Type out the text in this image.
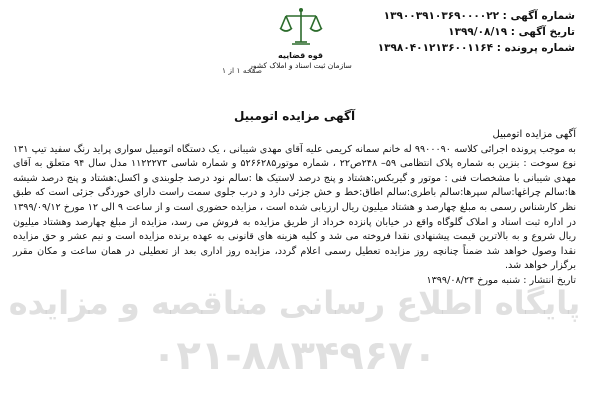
شماره آگهی : ۱۳۹۰۰۳۹۱۰۳۶۹۰۰۰۰۲۲
تاریخ آگهی : ۱۳۹۹/۰۸/۱۹
شماره پرونده : ۱۳۹۸۰۴۰۱۲۱۳۶۰۰۱۱۶۴
قوه قضاییه
سازمان ثبت اسناد و املاک کشور
صفحه ۱ از ۱
آگهی مزایده اتومبیل

آگهی مزایده اتومبیل

به موجب پرونده اجرائی کلاسه ۹۹۰۰۰۹۰ له خانم سمانه کریمی علیه آقای مهدی شیبانی ، یک دستگاه اتومبیل سواری پراید رنگ سفید تیپ ۱۳۱ نوع سوخت : بنزین به شماره پلاک انتظامی ۵۹– ۲۴۸ص۲۲ ، شماره موتور۵۲۶۶۲۸۵ و شماره شاسی ۱۱۲۲۲۷۳ مدل سال ۹۴ متعلق به آقای مهدی شیبانی با مشخصات فنی : موتور و گیربکس:هشتاد و پنج درصد لاستیک ها :سالم نود درصد جلوبندی و اکسل:هشتاد و پنج درصد شیشه ها:سالم چراغها:سالم سپرها:سالم باطری:سالم اطاق:خط و خش جزئی دارد و درب جلوی سمت راست دارای خوردگی جزئی است که طبق نظر کارشناس رسمی به مبلغ چهارصد و هشتاد میلیون ریال ارزیابی شده است ، مزایده حضوری است و از ساعت ۹ الی ۱۲ مورخ ۱۳۹۹/۰۹/۱۲ در اداره ثبت اسناد و املاک گلوگاه واقع در خیابان پانزده خرداد از طریق مزایده به فروش می رسد، مزایده از مبلغ چهارصد وهشتاد میلیون ریال شروع و به بالاترین قیمت پیشنهادی نقدا فروخته می شد و کلیه هزینه های قانونی به عهده برنده مزایده است و نیم عشر و حق مزایده نقدا وصول خواهد شد ضمناً چنانچه روز مزایده تعطیل رسمی اعلام گردد، مزایده روز اداری بعد از تعطیلی در همان ساعت و مکان مقرر برگزار خواهد شد.

تاریخ انتشار : شنبه مورخ ۱۳۹۹/۰۸/۲۴

پایگاه اطلاع رسانی مناقصه و مزایده
۰۲۱-۸۸۳۴۹۶۷۰
